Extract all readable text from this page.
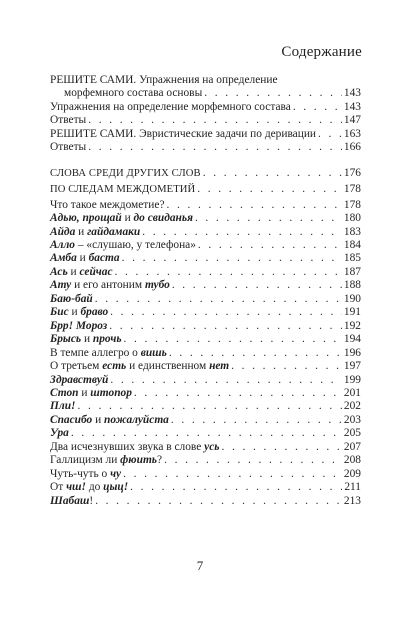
Содержание
РЕШИТЕ САМИ. Упражнения на определение
морфемного состава основы . . .	143
Упражнения на определение морфемного состава . . .	143
Ответы . . .	147
РЕШИТЕ САМИ. Эвристические задачи по деривации . . . 163
Ответы . . .	166
СЛОВА СРЕДИ ДРУГИХ СЛОВ . . .	176
ПО СЛЕДАМ МЕЖДОМЕТИЙ . . .	178
Что такое междометие? . . .	178
Адью, прощай и до свиданья . . .	180
Айда и гайдамаки . . .	183
Алло – «слушаю, у телефона» . . .	184
Амба и баста . . .	185
Ась и сейчас . . .	187
Ату и его антоним тубо . . .	188
Баю-бай . . .	190
Бис и браво . . .	191
Брр! Мороз . . .	192
Брысь и прочь . . .	194
В темпе аллегро о вишь . . .	196
О третьем есть и единственном нет . . .	197
Здравствуй . . .	199
Стоп и штопор . . .	201
Пли! . . .	202
Спасибо и пожалуйста . . .	203
Ура . . .	205
Два исчезнувших звука в слове усь . . .	207
Галлицизм ли фюить? . . .	208
Чуть-чуть о чу . . .	209
От чш! до цыц! . . .	211
Шабаш! . . .	213
7
